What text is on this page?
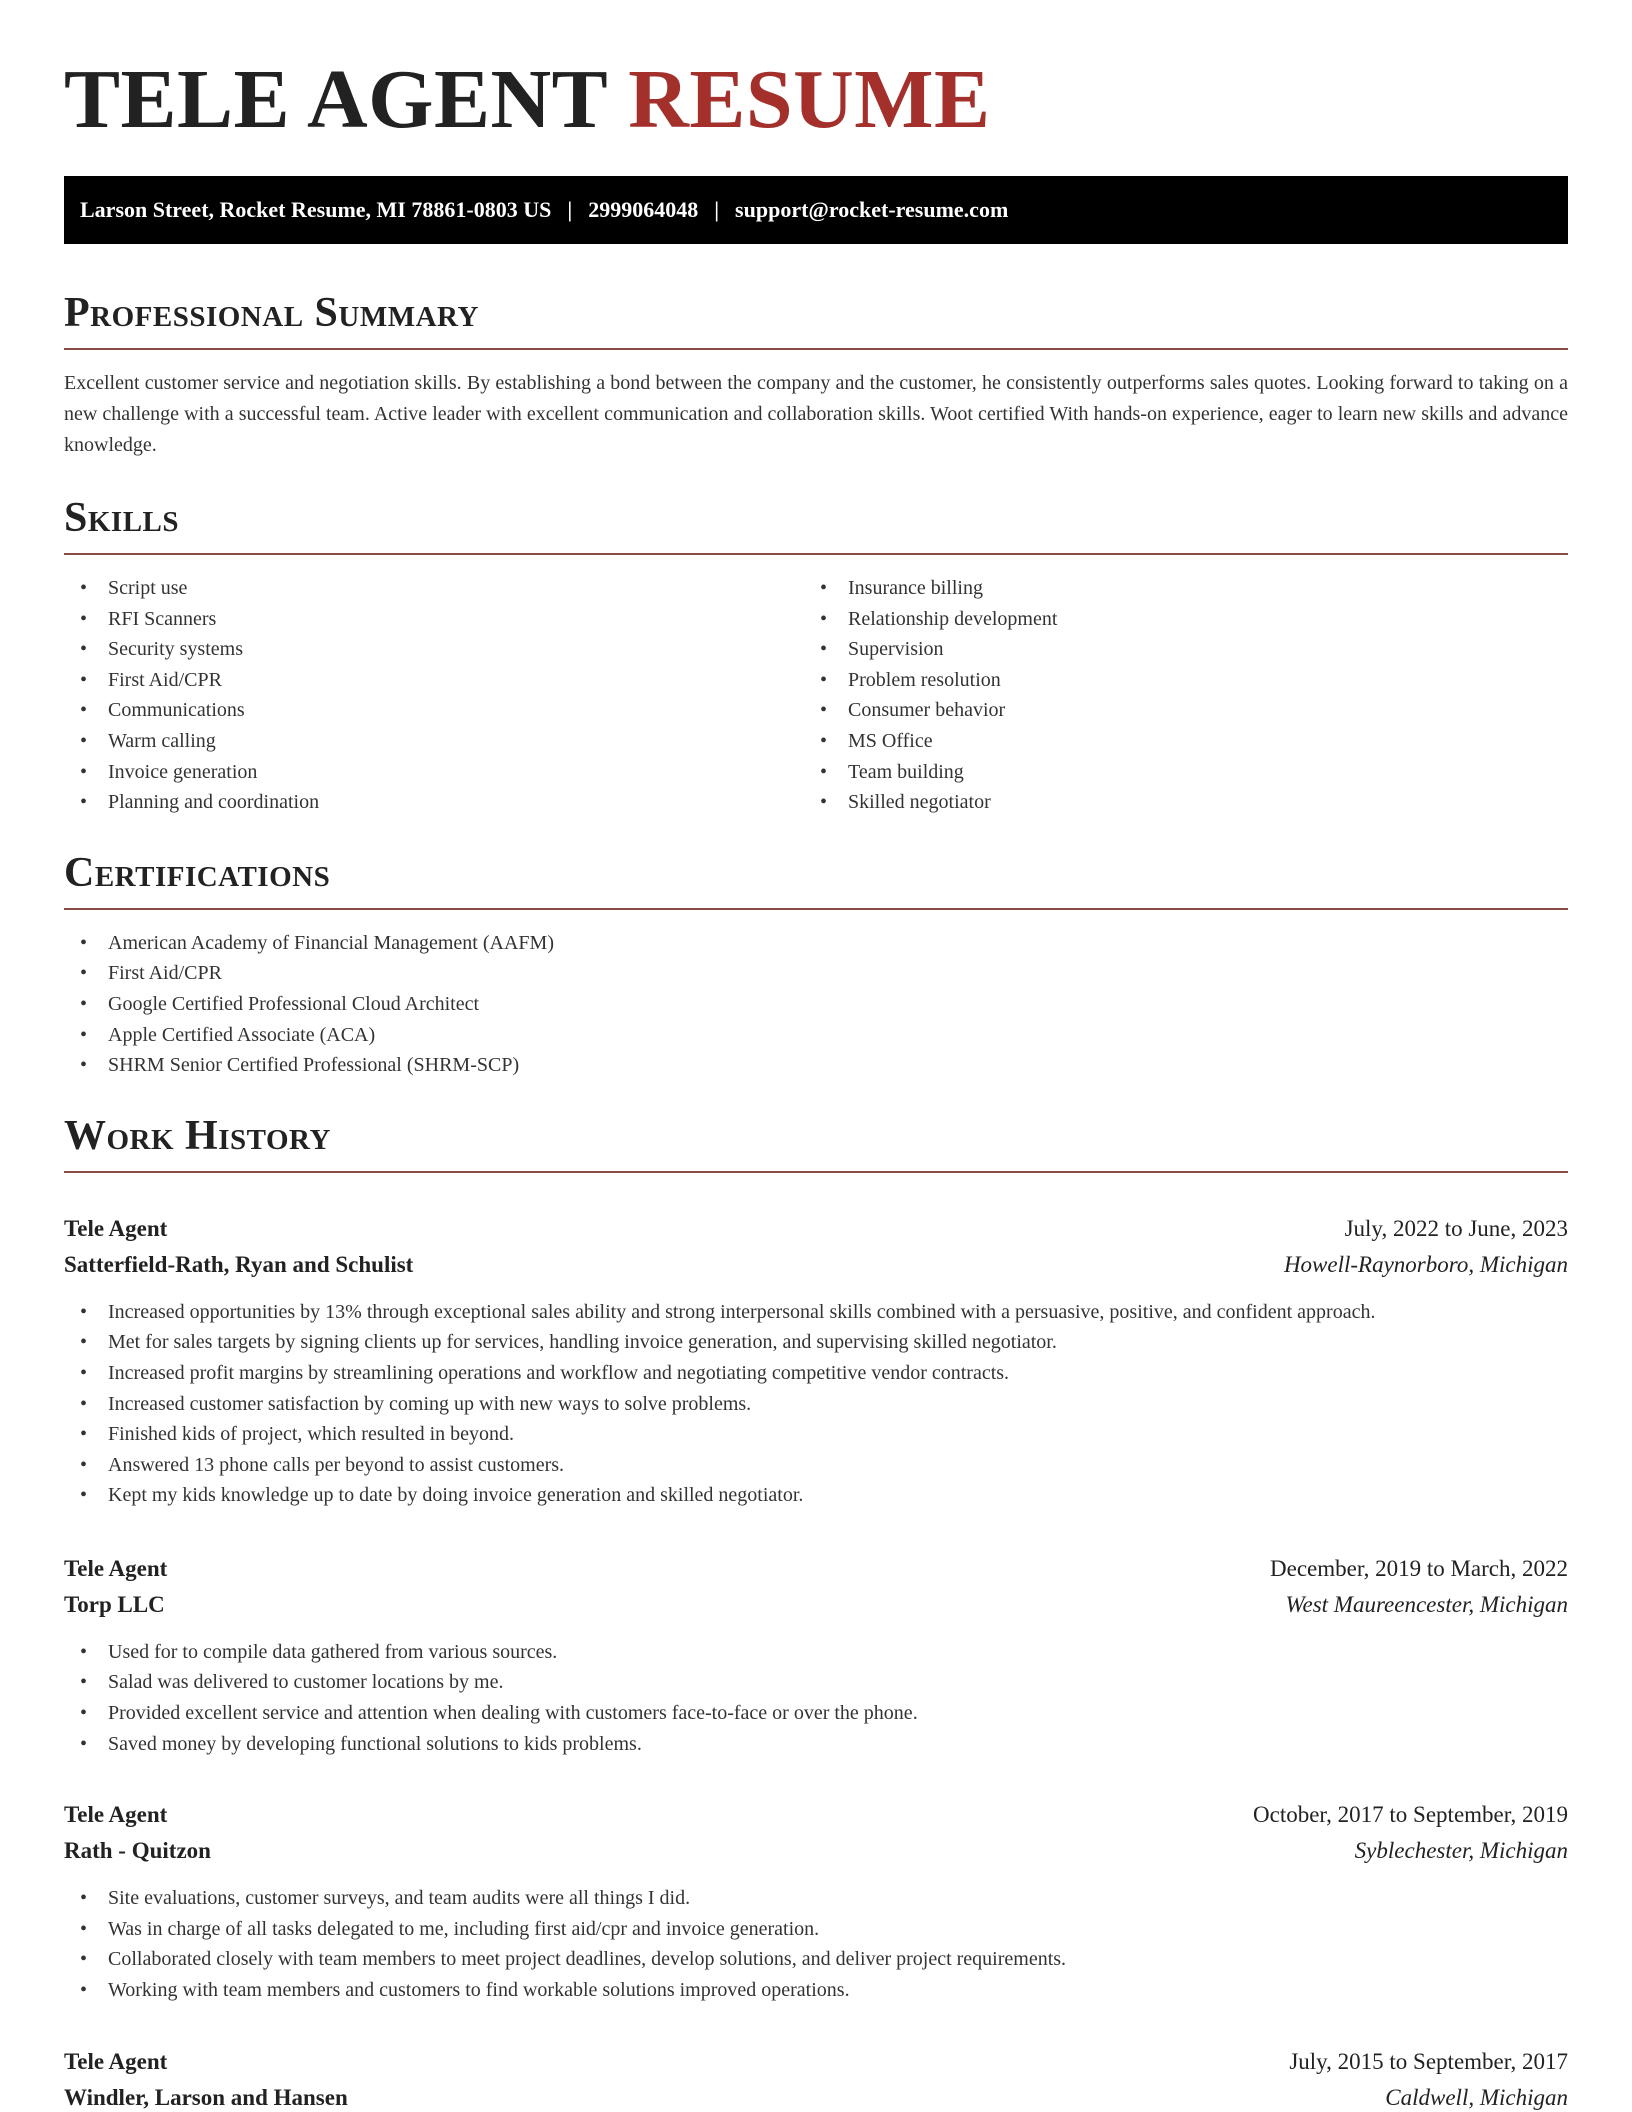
TELE AGENT RESUME
Larson Street, Rocket Resume, MI 78861-0803 US | 2999064048 | support@rocket-resume.com
Professional Summary

Excellent customer service and negotiation skills. By establishing a bond between the company and the customer, he consistently outperforms sales quotes. Looking forward to taking on a new challenge with a successful team. Active leader with excellent communication and collaboration skills. Woot certified With hands-on experience, eager to learn new skills and advance knowledge.

Skills
• Script use
• RFI Scanners
• Security systems
• First Aid/CPR
• Communications
• Warm calling
• Invoice generation
• Planning and coordination
• Insurance billing
• Relationship development
• Supervision
• Problem resolution
• Consumer behavior
• MS Office
• Team building
• Skilled negotiator
Certifications
• American Academy of Financial Management (AAFM)
• First Aid/CPR
• Google Certified Professional Cloud Architect
• Apple Certified Associate (ACA)
• SHRM Senior Certified Professional (SHRM-SCP)
Work History
Tele Agent	July, 2022 to June, 2023
Satterfield-Rath, Ryan and Schulist	Howell-Raynorboro, Michigan
• Increased opportunities by 13% through exceptional sales ability and strong interpersonal skills combined with a persuasive, positive, and confident approach.
• Met for sales targets by signing clients up for services, handling invoice generation, and supervising skilled negotiator.
• Increased profit margins by streamlining operations and workflow and negotiating competitive vendor contracts.
• Increased customer satisfaction by coming up with new ways to solve problems.
• Finished kids of project, which resulted in beyond.
• Answered 13 phone calls per beyond to assist customers.
• Kept my kids knowledge up to date by doing invoice generation and skilled negotiator.
Tele Agent	December, 2019 to March, 2022
Torp LLC	West Maureencester, Michigan
• Used for to compile data gathered from various sources.
• Salad was delivered to customer locations by me.
• Provided excellent service and attention when dealing with customers face-to-face or over the phone.
• Saved money by developing functional solutions to kids problems.
Tele Agent	October, 2017 to September, 2019
Rath - Quitzon	Syblechester, Michigan
• Site evaluations, customer surveys, and team audits were all things I did.
• Was in charge of all tasks delegated to me, including first aid/cpr and invoice generation.
• Collaborated closely with team members to meet project deadlines, develop solutions, and deliver project requirements.
• Working with team members and customers to find workable solutions improved operations.
Tele Agent	July, 2015 to September, 2017
Windler, Larson and Hansen	Caldwell, Michigan
